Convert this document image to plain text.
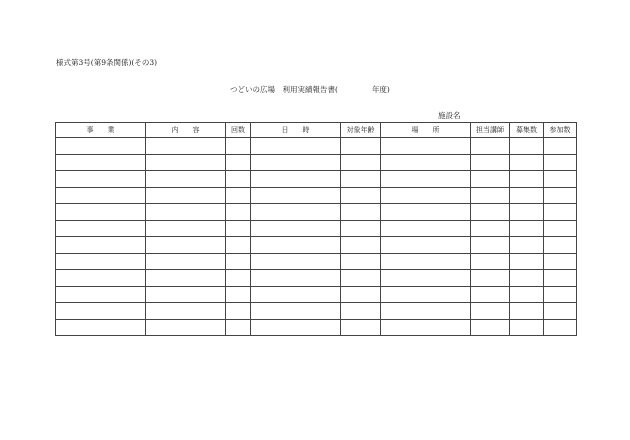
様式第3号(第9条関係)(その3)
つどいの広場　利用実績報告書(	年度)
施設名
事　　業	内　　容	回数	日　　時	対象年齢	場　　所	担当講師	募集数	参加数
